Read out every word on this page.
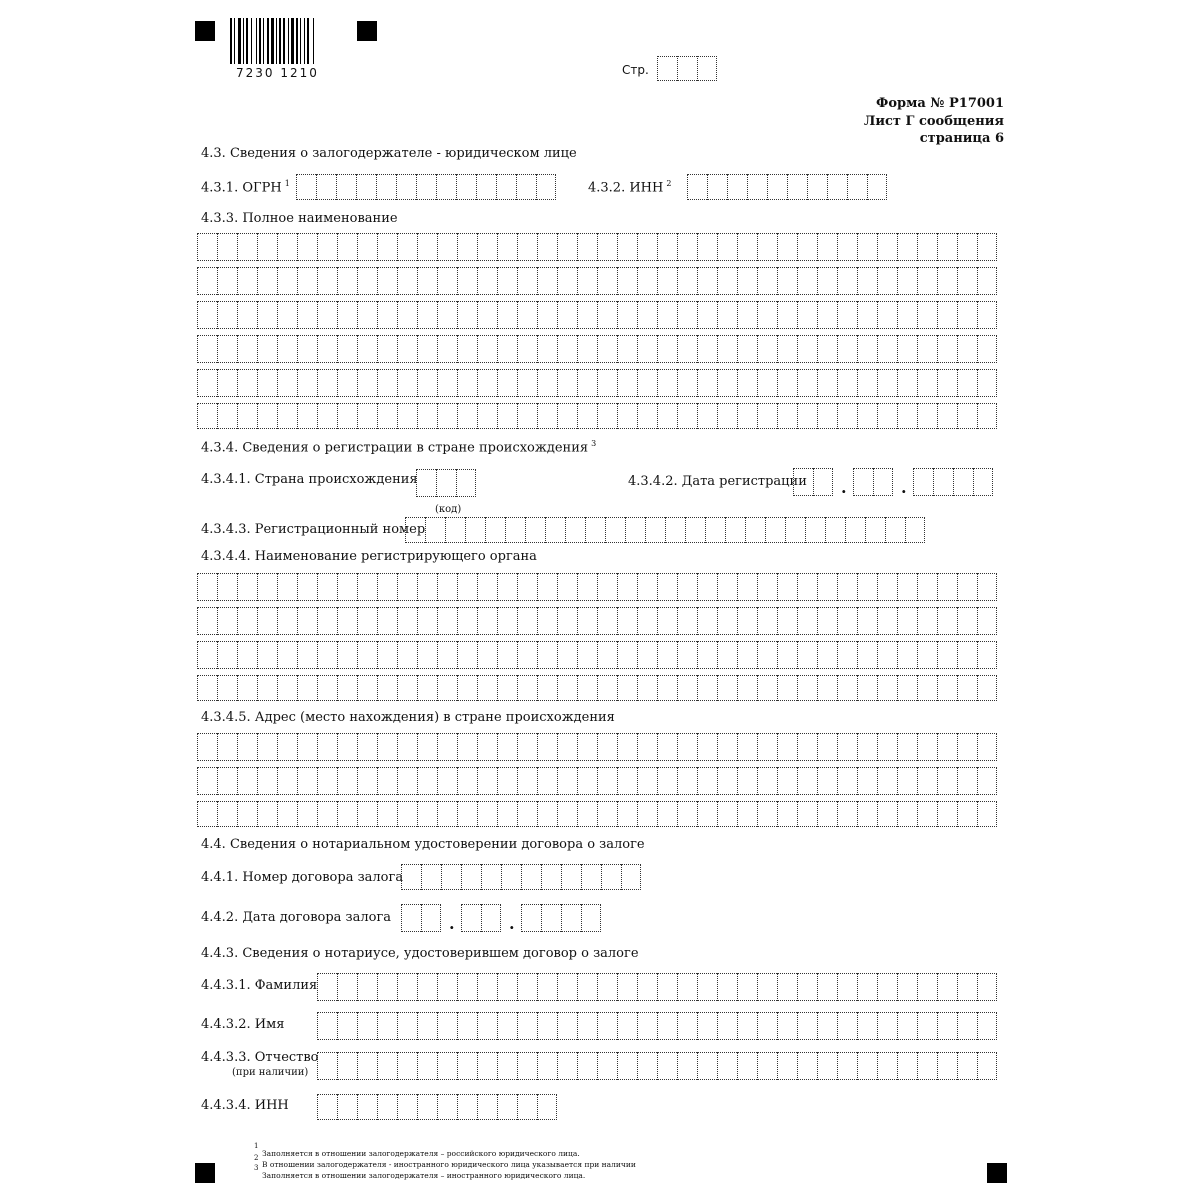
7230 1210	Стр.
Форма № Р17001
Лист Г сообщения
страница 6
4.3. Сведения о залогодержателе - юридическом лице
4.3.1. ОГРН $^1$	4.3.2. ИНН $^2$
4.3.3. Полное наименование
4.3.4. Сведения о регистрации в стране происхождения $^3$
4.3.4.1. Страна происхождения
(код)
4.3.4.2. Дата регистрации .	.
4.3.4.3. Регистрационный номер
4.3.4.4. Наименование регистрирующего органа
4.3.4.5. Адрес (место нахождения) в стране происхождения
4.4. Сведения о нотариальном удостоверении договора о залоге
4.4.1. Номер договора залога
4.4.2. Дата договора залога	.	.
4.4.3. Сведения о нотариусе, удостоверившем договор о залоге
4.4.3.1. Фамилия
4.4.3.2. Имя
4.4.3.3. Отчество
(при наличии)
4.4.3.4. ИНН
1
Заполняется в отношении залогодержателя – российского юридического лица.
2
В отношении залогодержателя - иностранного юридического лица указывается при наличии
3
Заполняется в отношении залогодержателя – иностранного юридического лица.
